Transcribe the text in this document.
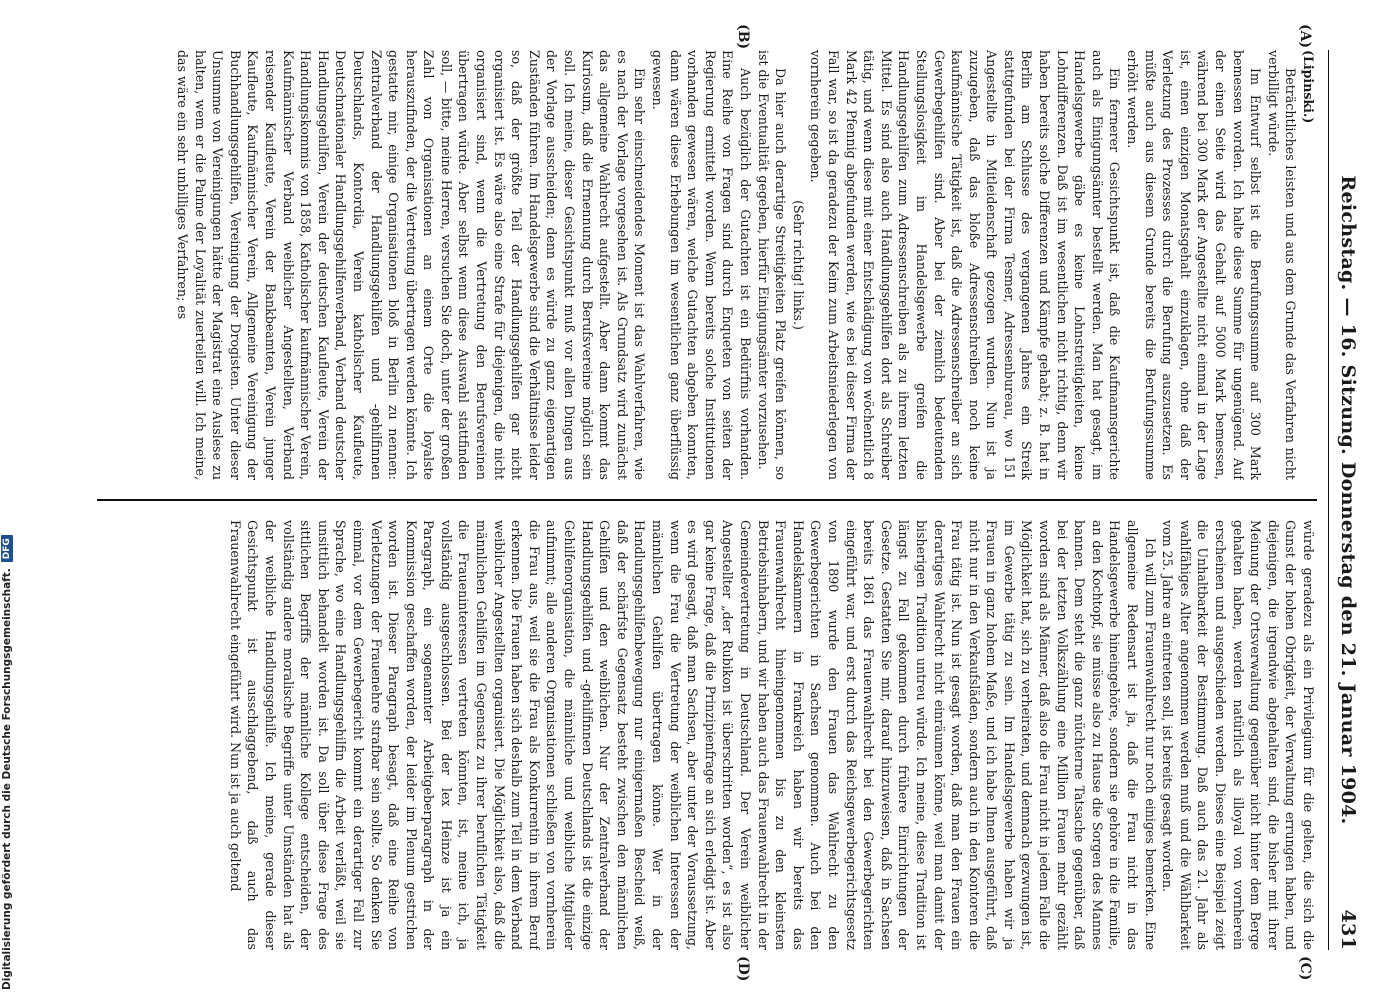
Reichstag. — 16. Sitzung. Donnerstag den 21. Januar 1904.
431
(A)
(B)
(C)
(D)

(Lipinski.)

Beträchtliches leisten und aus dem Grunde das Verfahren nicht verbilligt würde.

Im Entwurf selbst ist die Berufungssumme auf 300 Mark bemessen worden. Ich halte diese Summe für ungenügend. Auf der einen Seite wird das Gehalt auf 5000 Mark bemessen, während bei 300 Mark der Angestellte nicht einmal in der Lage ist, einen einzigen Monatsgehalt einzuklagen, ohne daß der Verletzung des Prozesses durch die Berufung auszusetzen. Es müßte auch aus diesem Grunde bereits die Berufungssumme erhöht werden.

Ein fernerer Gesichtspunkt ist, daß die Kaufmannsgerichte auch als Einigungsämter bestellt werden. Man hat gesagt, im Handelsgewerbe gäbe es keine Lohnstreitigkeiten, keine Lohndifferenzen. Daß ist im wesentlichen nicht richtig, denn wir haben bereits solche Differenzen und Kämpfe gehabt; z. B. hat in Berlin am Schlusse des vergangenen Jahres ein Streik stattgefunden bei der Firma Tesmer, Adressenbureau, wo 151 Angestellte in Mitleidenschaft gezogen wurden. Nun ist ja zuzugeben, daß das bloße Adressenschreiben noch keine kaufmännische Tätigkeit ist, daß die Adressenschreiber an sich Gewerbegehilfen sind. Aber bei der ziemlich bedeutenden Stellungslosigkeit im Handelsgewerbe greifen die Handlungsgehilfen zum Adressenschreiben als zu ihrem letzten Mittel. Es sind also auch Handlungsgehilfen dort als Schreiber tätig, und wenn diese mit einer Entschädigung von wöchentlich 8 Mark 42 Pfennig abgefunden werden, wie es bei dieser Firma der Fall war, so ist da geradezu der Keim zum Arbeitsniederlegen von vornherein gegeben.

(Sehr richtig! links.)

Da hier auch derartige Streitigkeiten Platz greifen können, so ist die Eventualität gegeben, hierfür Einigungsämter vorzusehen.

Auch bezüglich der Gutachten ist ein Bedürfnis vorhanden. Eine Reihe von Fragen sind durch Enqueten von seiten der Regierung ermittelt worden. Wenn bereits solche Institutionen vorhanden gewesen wären, welche Gutachten abgeben konnten, dann wären diese Erhebungen im wesentlichen ganz überflüssig gewesen.

Ein sehr einschneidendes Moment ist das Wahlverfahren, wie es nach der Vorlage vorgesehen ist. Als Grundsatz wird zunächst das allgemeine Wahlrecht aufgestellt. Aber dann kommt das Kuriosum, daß die Ernennung durch Berufsvereine möglich sein soll. Ich meine, dieser Gesichtspunkt muß vor allen Dingen aus der Vorlage ausscheiden; denn es würde zu ganz eigenartigen Zuständen führen. Im Handelsgewerbe sind die Verhältnisse leider so, daß der größte Teil der Handlungsgehilfen gar nicht organisiert ist. Es wäre also eine Strafe für diejenigen, die nicht organisiert sind, wenn die Vertretung den Berufsvereinen übertragen würde. Aber selbst wenn diese Auswahl stattfinden soll, — bitte, meine Herren, versuchen Sie doch, unter der großen Zahl von Organisationen an einem Orte die loyalste herauszufinden, der die Vertretung übertragen werden könnte. Ich gestatte mir, einige Organisationen bloß in Berlin zu nennen: Zentralverband der Handlungsgehilfen und -gehilfinnen Deutschlands, Kontordia, Verein katholischer Kaufleute, Deutschnationaler Handlungsgehilfenverband, Verband deutscher Handlungsgehilfen, Verein der deutschen Kaufleute, Verein der Handlungskommis von 1858, Katholischer kaufmännischer Verein, Kaufmännischer Verband weiblicher Angestellten, Verband reisender Kaufleute, Verein der Bankbeamten, Verein junger Kaufleute, Kaufmännischer Verein, Allgemeine Vereinigung der Buchhandlungsgehilfen, Vereinigung der Drogisten. Unter dieser Unsumme von Vereinigungen hätte der Magistrat eine Auslese zu halten, wem er die Palme der Loyalität zuerteilen will. Ich meine, das wäre ein sehr unbilliges Verfahren; es

würde geradezu als ein Privilegium für die gelten, die sich die Gunst der hohen Obrigkeit, der Verwaltung errungen haben, und diejenigen, die irgendwie abgehalten sind, die bisher mit ihrer Meinung der Ortsverwaltung gegenüber nicht hinter dem Berge gehalten haben, werden natürlich als illoyal von vornherein erscheinen und ausgeschieden werden. Dieses eine Beispiel zeigt die Unhaltbarkeit der Bestimmung. Daß auch das 21. Jahr als wahlfähiges Alter angenommen werden muß und die Wählbarkeit vom 25. Jahre an eintreten soll, ist bereits gesagt worden.

Ich will zum Frauenwahlrecht nur noch einiges bemerken. Eine allgemeine Redensart ist ja, daß die Frau nicht in das Handelsgewerbe hineingehöre, sondern sie gehöre in die Familie, an den Kochtopf, sie müsse also zu Hause die Sorgen des Mannes bannen. Dem steht die ganz nüchterne Tatsache gegenüber, daß bei der letzten Volkszählung eine Million Frauen mehr gezählt worden sind als Männer, daß also die Frau nicht in jedem Falle die Möglichkeit hat, sich zu verheiraten, und demnach gezwungen ist, im Gewerbe tätig zu sein. Im Handelsgewerbe haben wir ja Frauen in ganz hohem Maße, und ich habe Ihnen ausgeführt, daß nicht nur in den Verkaufsläden, sondern auch in den Kontoren die Frau tätig ist. Nun ist gesagt worden, daß man den Frauen ein derartiges Wahlrecht nicht einräumen könne, weil man damit der bisherigen Tradition untreu würde. Ich meine, diese Tradition ist längst zu Fall gekommen durch frühere Einrichtungen der Gesetze. Gestatten Sie mir, darauf hinzuweisen, daß in Sachsen bereits 1861 das Frauenwahlrecht bei den Gewerbegerichten eingeführt war, und erst durch das Reichsgewerbegerichtsgesetz von 1890 wurde den Frauen das Wahlrecht zu den Gewerbegerichten in Sachsen genommen. Auch bei den Handelskammern in Frankreich haben wir bereits das Frauenwahlrecht hineingenommen bis zu den kleinsten Betriebsinhabern, und wir haben auch das Frauenwahlrecht in der Gemeindevertretung in Deutschland. Der Verein weiblicher Angestellter „der Rubikon ist überschritten worden“, es ist also gar keine Frage, daß die Prinzipienfrage an sich erledigt ist. Aber es wird gesagt, daß man Sachsen, aber unter der Voraussetzung, wenn die Frau die Vertretung der weiblichen Interessen der männlichen Gehilfen übertragen könne. Wer in der Handlungsgehilfenbewegung nur einigermaßen Bescheid weiß, daß der schärfste Gegensatz besteht zwischen den männlichen Gehilfen und den weiblichen. Nur der Zentralverband der Handlungsgehilfen und -gehilfinnen Deutschlands ist die einzige Gehilfenorganisation, die männliche und weibliche Mitglieder aufnimmt; alle anderen Organisationen schließen von vornherein die Frau aus, weil sie die Frau als Konkurrentin in ihrem Beruf erkennen. Die Frauen haben sich deshalb zum Teil in dem Verband weiblicher Angestellten organisiert. Die Möglichkeit also, daß die männlichen Gehilfen im Gegensatz zu ihrer beruflichen Tätigkeit die Fraueninteressen vertreten könnten, ist, meine ich, ja vollständig ausgeschlossen. Bei der lex Heinze ist ja ein Paragraph, ein sogenannter Arbeitgeberparagraph in der Kommission geschaffen worden, der leider im Plenum gestrichen worden ist. Dieser Paragraph besagt, daß eine Reihe von Verletzungen der Frauenehre strafbar sein sollte. So denken Sie einmal, vor dem Gewerbegericht kommt ein derartiger Fall zur Sprache, wo eine Handlungsgehilfin die Arbeit verläßt, weil sie unsittlich behandelt worden ist. Da soll über diese Frage des sittlichen Begriffs der männliche Kollege entscheiden, der vollständig andere moralische Begriffe unter Umständen hat als der weibliche Handlungsgehilfe. Ich meine, gerade dieser Gesichtspunkt ist ausschlaggebend, daß auch das Frauenwahlrecht eingeführt wird. Nun ist ja auch geltend

Digitalisierung gefördert durch die Deutsche Forschungsgemeinschaft.
DFG
